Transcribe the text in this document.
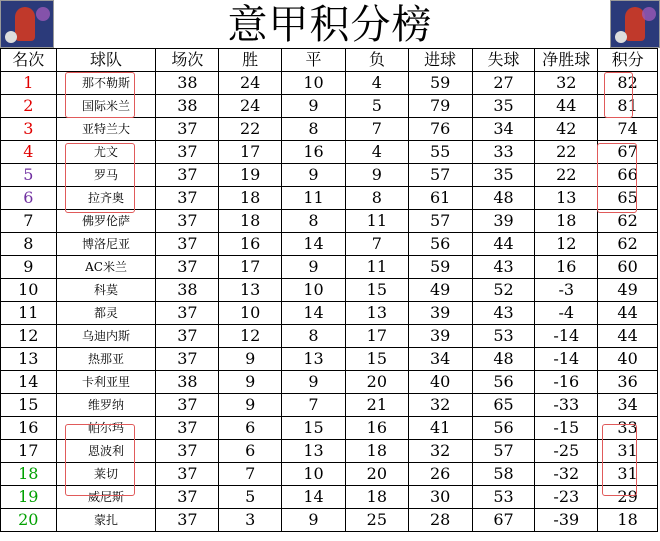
意甲积分榜
名次	球队	场次	胜	平	负	进球	失球	净胜球	积分
1	那不勒斯	38	24	10	4	59	27	32	82
2	国际米兰	38	24	9	5	79	35	44	81
3	亚特兰大	37	22	8	7	76	34	42	74
4	尤文	37	17	16	4	55	33	22	67
5	罗马	37	19	9	9	57	35	22	66
6	拉齐奥	37	18	11	8	61	48	13	65
7	佛罗伦萨	37	18	8	11	57	39	18	62
8	博洛尼亚	37	16	14	7	56	44	12	62
9	AC米兰	37	17	9	11	59	43	16	60
10	科莫	38	13	10	15	49	52	-3	49
11	都灵	37	10	14	13	39	43	-4	44
12	乌迪内斯	37	12	8	17	39	53	-14	44
13	热那亚	37	9	13	15	34	48	-14	40
14	卡利亚里	38	9	9	20	40	56	-16	36
15	维罗纳	37	9	7	21	32	65	-33	34
16	帕尔玛	37	6	15	16	41	56	-15	33
17	恩波利	37	6	13	18	32	57	-25	31
18	莱切	37	7	10	20	26	58	-32	31
19	威尼斯	37	5	14	18	30	53	-23	29
20	蒙扎	37	3	9	25	28	67	-39	18
